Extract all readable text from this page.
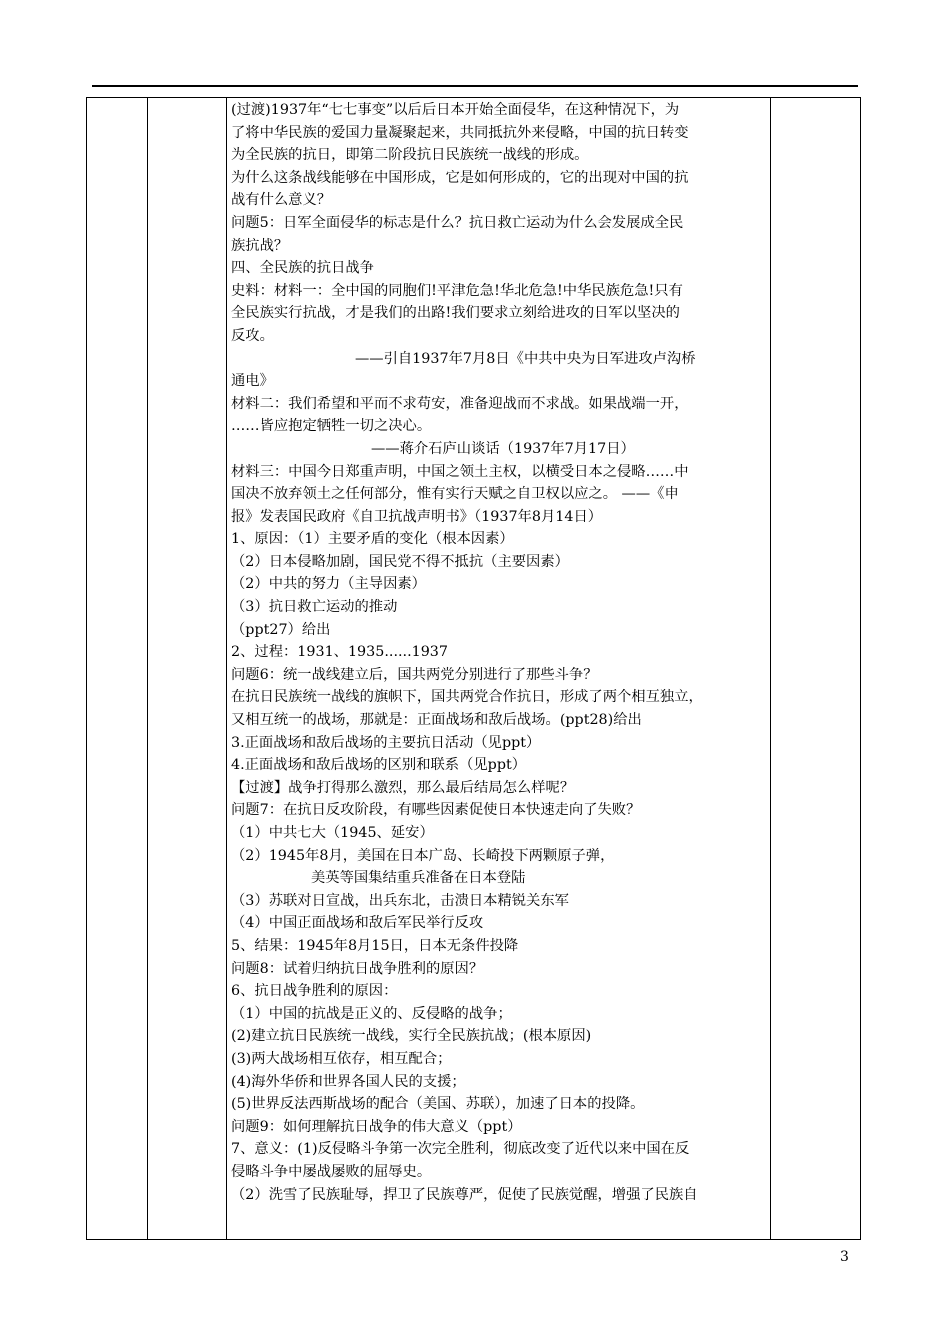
(过渡)1937年“七七事变”以后后日本开始全面侵华，在这种情况下，为
了将中华民族的爱国力量凝聚起来，共同抵抗外来侵略，中国的抗日转变
为全民族的抗日，即第二阶段抗日民族统一战线的形成。
为什么这条战线能够在中国形成，它是如何形成的，它的出现对中国的抗
战有什么意义？
问题5：日军全面侵华的标志是什么？抗日救亡运动为什么会发展成全民
族抗战？
四、全民族的抗日战争
史料：材料一：全中国的同胞们!平津危急!华北危急!中华民族危急!只有
全民族实行抗战，才是我们的出路!我们要求立刻给进攻的日军以坚决的
反攻。
——引自1937年7月8日《中共中央为日军进攻卢沟桥
通电》
材料二：我们希望和平而不求苟安，准备迎战而不求战。如果战端一开，
……皆应抱定牺牲一切之决心。
——蒋介石庐山谈话（1937年7月17日）
材料三：中国今日郑重声明，中国之领土主权，以横受日本之侵略……中
国决不放弃领土之任何部分，惟有实行天赋之自卫权以应之。 ——《申
报》发表国民政府《自卫抗战声明书》（1937年8月14日）
1、原因：（1）主要矛盾的变化（根本因素）
（2）日本侵略加剧，国民党不得不抵抗（主要因素）
（2）中共的努力（主导因素）
（3）抗日救亡运动的推动
（ppt27）给出
2、过程：1931、1935......1937
问题6：统一战线建立后，国共两党分别进行了那些斗争？
在抗日民族统一战线的旗帜下，国共两党合作抗日，形成了两个相互独立，
又相互统一的战场，那就是：正面战场和敌后战场。(ppt28)给出
3.正面战场和敌后战场的主要抗日活动（见ppt）
4.正面战场和敌后战场的区别和联系（见ppt）
【过渡】战争打得那么激烈，那么最后结局怎么样呢？
问题7：在抗日反攻阶段，有哪些因素促使日本快速走向了失败？
（1）中共七大（1945、延安）
（2）1945年8月，美国在日本广岛、长崎投下两颗原子弹，
美英等国集结重兵准备在日本登陆
（3）苏联对日宣战，出兵东北，击溃日本精锐关东军
（4）中国正面战场和敌后军民举行反攻
5、结果：1945年8月15日，日本无条件投降
问题8：试着归纳抗日战争胜利的原因？
6、抗日战争胜利的原因：
（1）中国的抗战是正义的、反侵略的战争；
(2)建立抗日民族统一战线，实行全民族抗战；(根本原因)
(3)两大战场相互依存，相互配合；
(4)海外华侨和世界各国人民的支援；
(5)世界反法西斯战场的配合（美国、苏联），加速了日本的投降。
问题9：如何理解抗日战争的伟大意义（ppt）
7、意义：(1)反侵略斗争第一次完全胜利，彻底改变了近代以来中国在反
侵略斗争中屡战屡败的屈辱史。
（2）洗雪了民族耻辱，捍卫了民族尊严，促使了民族觉醒，增强了民族自
3
